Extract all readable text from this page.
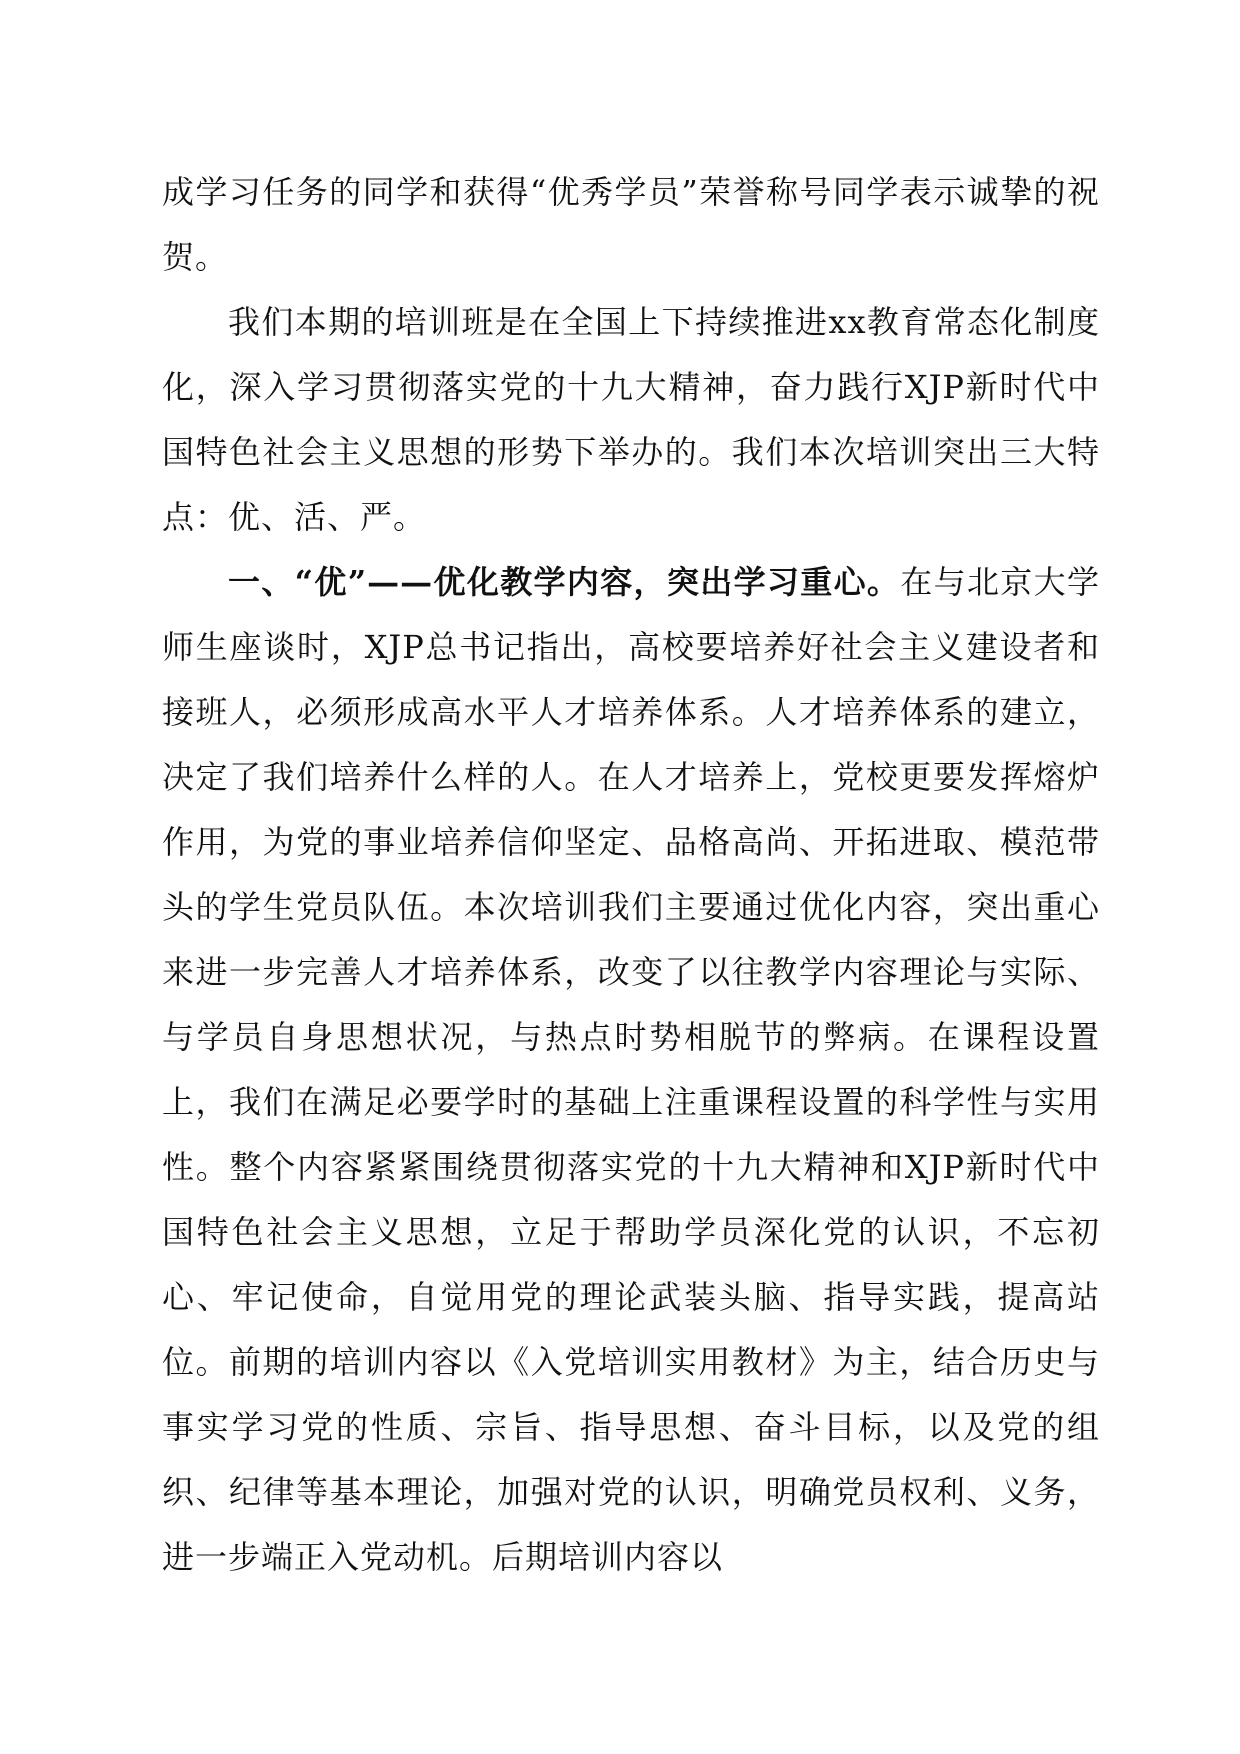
成学习任务的同学和获得“优秀学员”荣誉称号同学表示诚挚的祝贺。

我们本期的培训班是在全国上下持续推进xx教育常态化制度化，深入学习贯彻落实党的十九大精神，奋力践行XJP新时代中国特色社会主义思想的形势下举办的。我们本次培训突出三大特点：优、活、严。

一、“优”——优化教学内容，突出学习重心。在与北京大学师生座谈时，XJP总书记指出，高校要培养好社会主义建设者和接班人，必须形成高水平人才培养体系。人才培养体系的建立，决定了我们培养什么样的人。在人才培养上，党校更要发挥熔炉作用，为党的事业培养信仰坚定、品格高尚、开拓进取、模范带头的学生党员队伍。本次培训我们主要通过优化内容，突出重心来进一步完善人才培养体系，改变了以往教学内容理论与实际、与学员自身思想状况，与热点时势相脱节的弊病。在课程设置上，我们在满足必要学时的基础上注重课程设置的科学性与实用性。整个内容紧紧围绕贯彻落实党的十九大精神和XJP新时代中国特色社会主义思想，立足于帮助学员深化党的认识，不忘初心、牢记使命，自觉用党的理论武装头脑、指导实践，提高站位。前期的培训内容以《入党培训实用教材》为主，结合历史与事实学习党的性质、宗旨、指导思想、奋斗目标，以及党的组织、纪律等基本理论，加强对党的认识，明确党员权利、义务，进一步端正入党动机。后期培训内容以
